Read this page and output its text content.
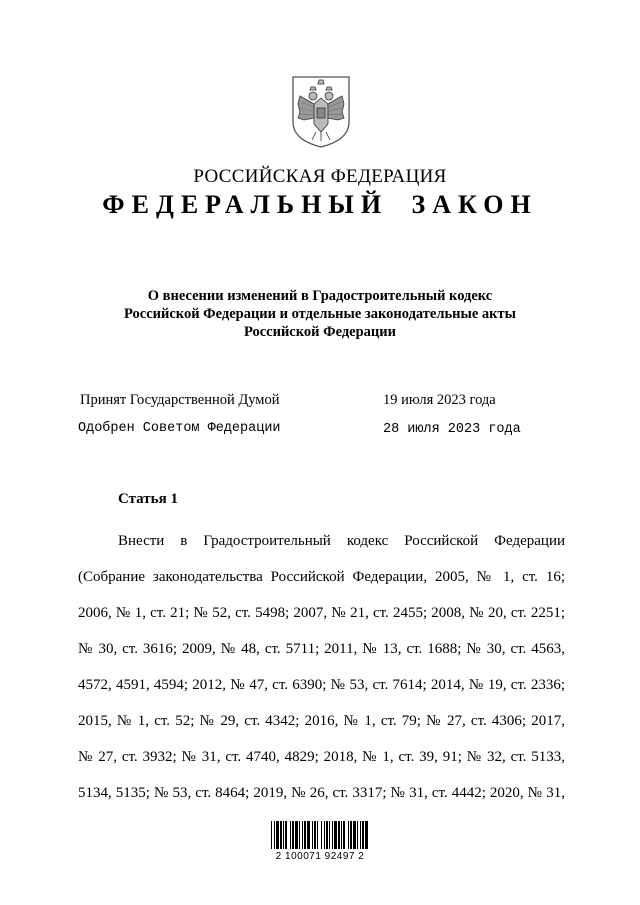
РОССИЙСКАЯ ФЕДЕРАЦИЯ
ФЕДЕРАЛЬНЫЙ ЗАКОН
О внесении изменений в Градостроительный кодекс
Российской Федерации и отдельные законодательные акты
Российской Федерации
Принят Государственной Думой	19 июля 2023 года
Одобрен Советом Федерации	28 июля 2023 года
Статья 1
Внести в Градостроительный кодекс Российской Федерации
(Собрание законодательства Российской Федерации, 2005, № 1, ст. 16;
2006, № 1, ст. 21; № 52, ст. 5498; 2007, № 21, ст. 2455; 2008, № 20, ст. 2251;
№ 30, ст. 3616; 2009, № 48, ст. 5711; 2011, № 13, ст. 1688; № 30, ст. 4563,
4572, 4591, 4594; 2012, № 47, ст. 6390; № 53, ст. 7614; 2014, № 19, ст. 2336;
2015, № 1, ст. 52; № 29, ст. 4342; 2016, № 1, ст. 79; № 27, ст. 4306; 2017,
№ 27, ст. 3932; № 31, ст. 4740, 4829; 2018, № 1, ст. 39, 91; № 32, ст. 5133,
5134, 5135; № 53, ст. 8464; 2019, № 26, ст. 3317; № 31, ст. 4442; 2020, № 31,
2 100071 92497 2
